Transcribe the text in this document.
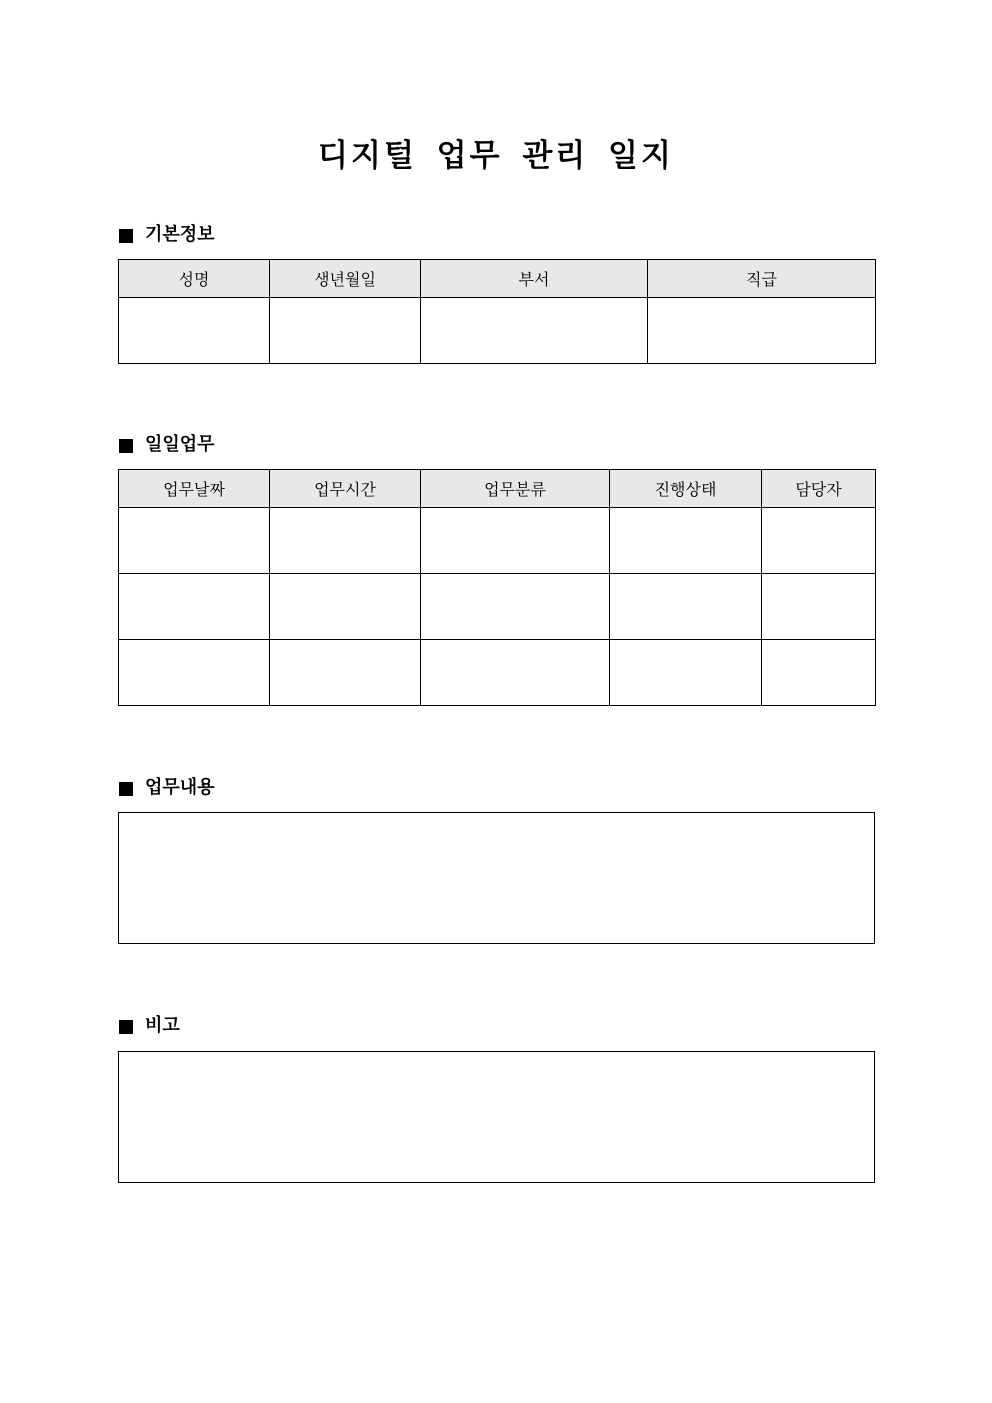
디지털 업무 관리 일지
기본정보
성명	생년월일	부서	직급

일일업무
업무날짜	업무시간	업무분류	진행상태	담당자

업무내용
비고
